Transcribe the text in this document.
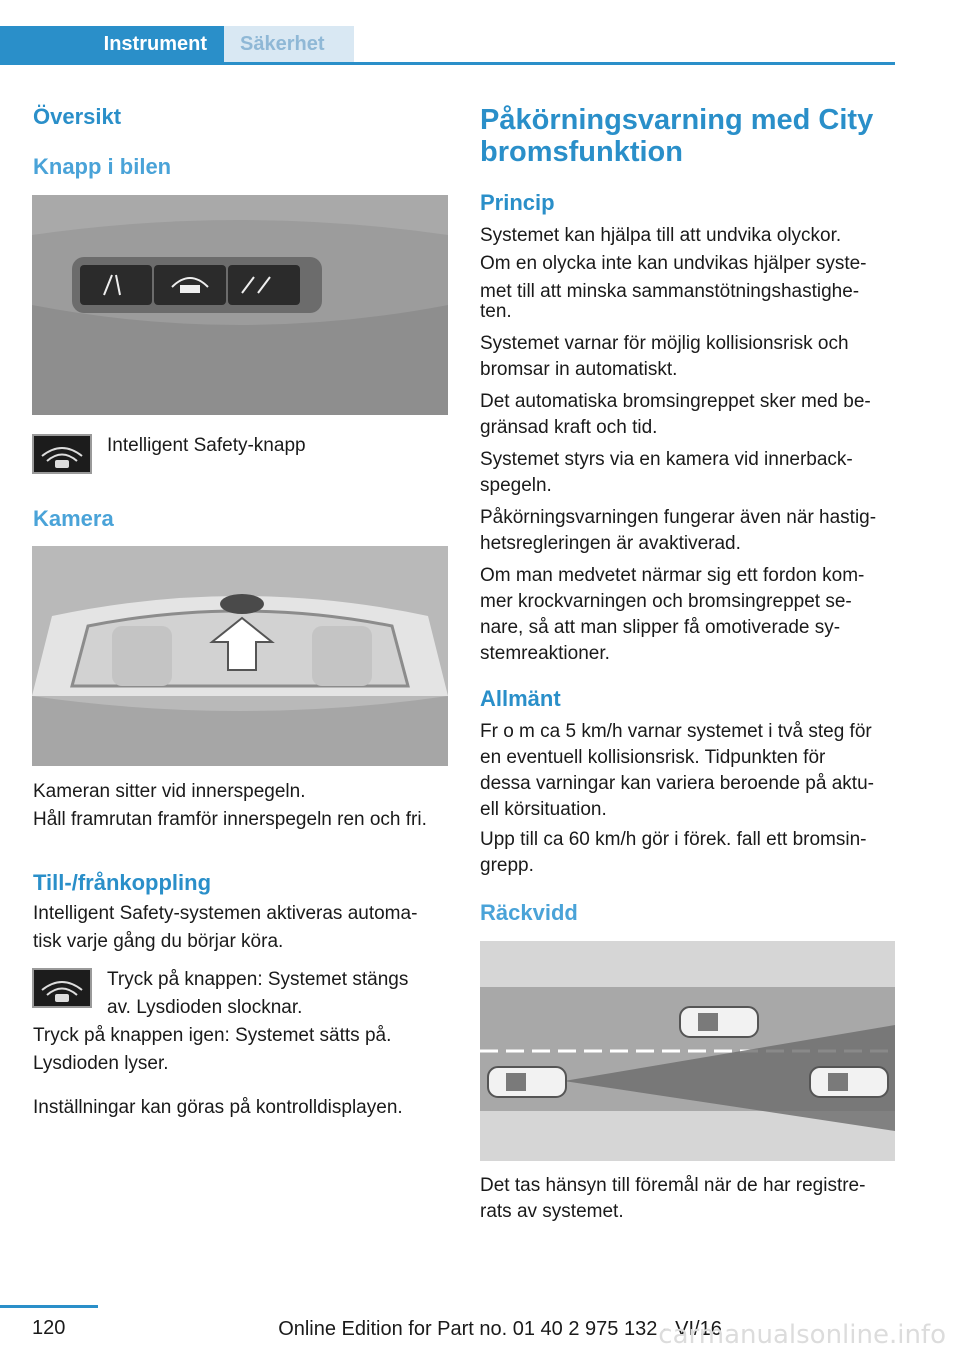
Instrument	Säkerhet
Översikt
Knapp i bilen
Intelligent Safety-knapp
Kamera
Kameran sitter vid innerspegeln.
Håll framrutan framför innerspegeln ren och fri.
Till-/frånkoppling
Intelligent Safety-systemen aktiveras automa‐
tisk varje gång du börjar köra.
Tryck på knappen: Systemet stängs
av. Lysdioden slocknar.
Tryck på knappen igen: Systemet sätts på.
Lysdioden lyser.
Inställningar kan göras på kontrolldisplayen.
Påkörningsvarning med City
bromsfunktion
Princip
Systemet kan hjälpa till att undvika olyckor.
Om en olycka inte kan undvikas hjälper syste‐
met till att minska sammanstötningshastighe‐
ten.
Systemet varnar för möjlig kollisionsrisk och
bromsar in automatiskt.
Det automatiska bromsingreppet sker med be‐
gränsad kraft och tid.
Systemet styrs via en kamera vid innerback‐
spegeln.
Påkörningsvarningen fungerar även när hastig‐
hetsregleringen är avaktiverad.
Om man medvetet närmar sig ett fordon kom‐
mer krockvarningen och bromsingreppet se‐
nare, så att man slipper få omotiverade sy‐
stemreaktioner.
Allmänt
Fr o m ca 5 km/h varnar systemet i två steg för
en eventuell kollisionsrisk. Tidpunkten för
dessa varningar kan variera beroende på aktu‐
ell körsituation.
Upp till ca 60 km/h gör i förek. fall ett bromsin‐
grepp.
Räckvidd
Det tas hänsyn till föremål när de har registre‐
rats av systemet.
120	Online Edition for Part no. 01 40 2 975 132 - VI/16
carmanualsonline.info
